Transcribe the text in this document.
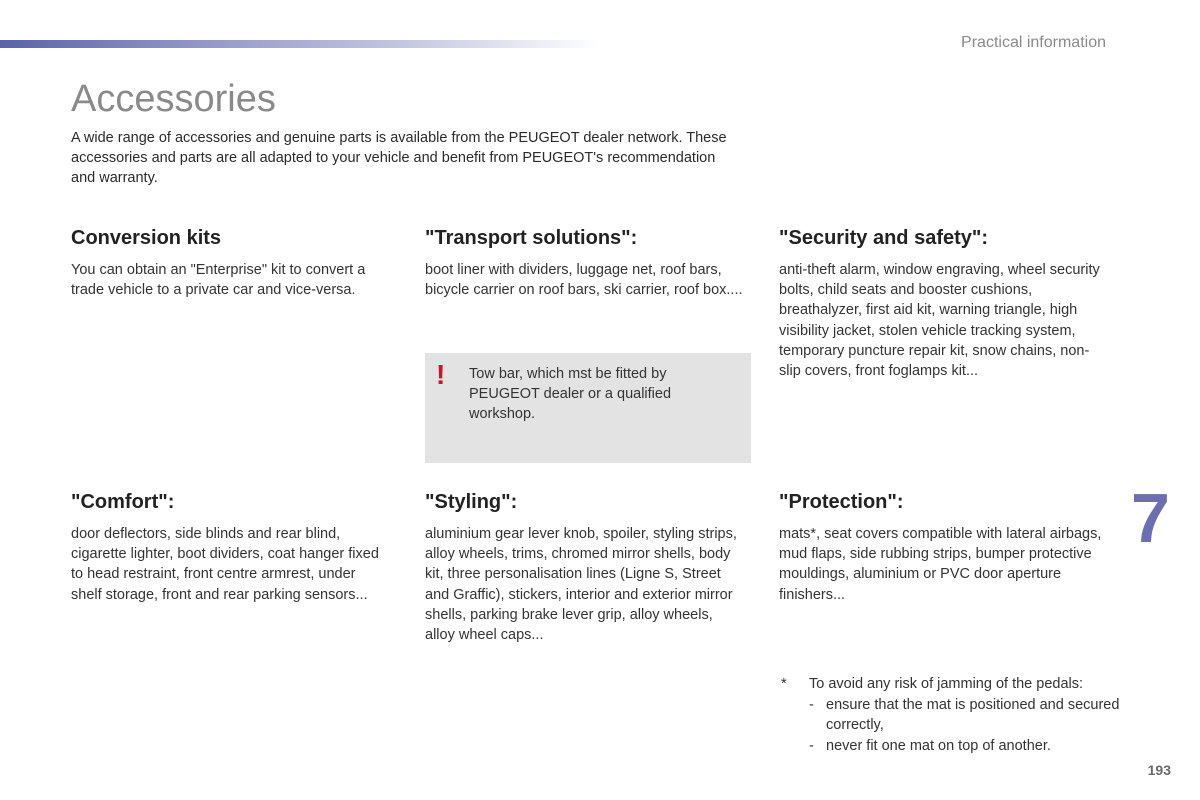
Practical information
Accessories

A wide range of accessories and genuine parts is available from the PEUGEOT dealer network. These accessories and parts are all adapted to your vehicle and benefit from PEUGEOT's recommendation and warranty.

Conversion kits

You can obtain an "Enterprise" kit to convert a trade vehicle to a private car and vice-versa.

"Transport solutions":

boot liner with dividers, luggage net, roof bars, bicycle carrier on roof bars, ski carrier, roof box....

"Security and safety":

anti-theft alarm, window engraving, wheel security bolts, child seats and booster cushions, breathalyzer, first aid kit, warning triangle, high visibility jacket, stolen vehicle tracking system, temporary puncture repair kit, snow chains, non-slip covers, front foglamps kit...

! Tow bar, which mst be fitted by PEUGEOT dealer or a qualified workshop.

"Comfort":

door deflectors, side blinds and rear blind, cigarette lighter, boot dividers, coat hanger fixed to head restraint, front centre armrest, under shelf storage, front and rear parking sensors...

"Styling":

aluminium gear lever knob, spoiler, styling strips, alloy wheels, trims, chromed mirror shells, body kit, three personalisation lines (Ligne S, Street and Graffic), stickers, interior and exterior mirror shells, parking brake lever grip, alloy wheels, alloy wheel caps...

"Protection":

mats*, seat covers compatible with lateral airbags, mud flaps, side rubbing strips, bumper protective mouldings, aluminium or PVC door aperture finishers...

7
* To avoid any risk of jamming of the pedals:
- ensure that the mat is positioned and secured correctly,
- never fit one mat on top of another.
193
